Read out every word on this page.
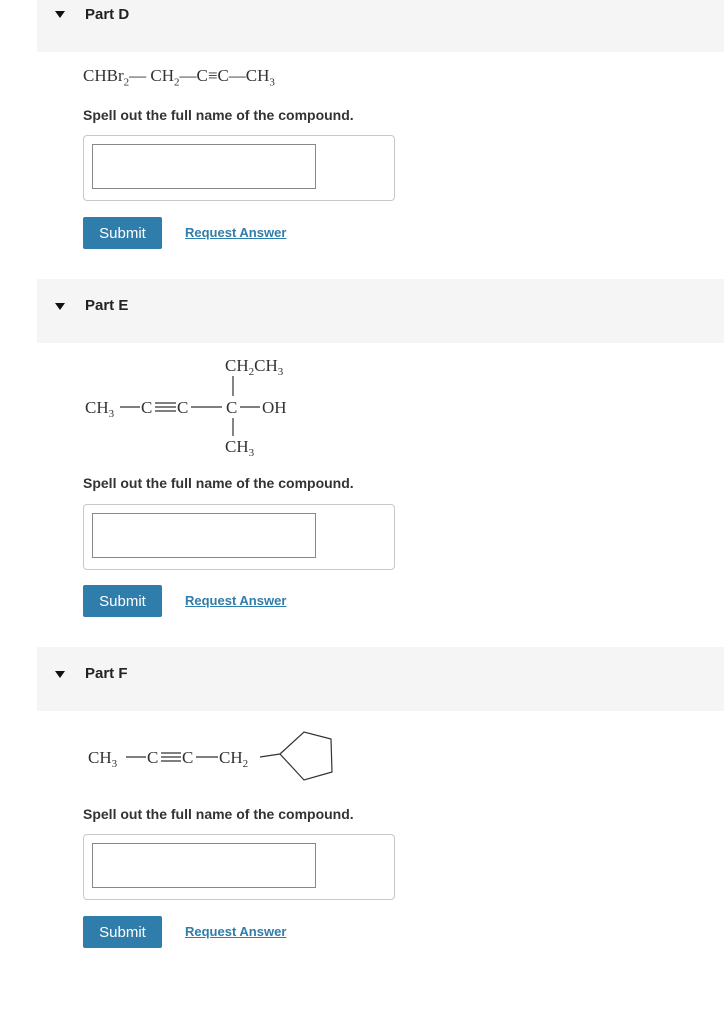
Part D
CHBr$_2$— $CH_2—C\equiv C—CH_3$
Spell out the full name of the compound.
Submit	Request Answer
Part E
$CH_2CH_3$
$CH_3$ C C C OH
$CH_3$
Spell out the full name of the compound.
Submit	Request Answer
Part F
$CH_3$ C C $CH_2$
Spell out the full name of the compound.
Submit	Request Answer
